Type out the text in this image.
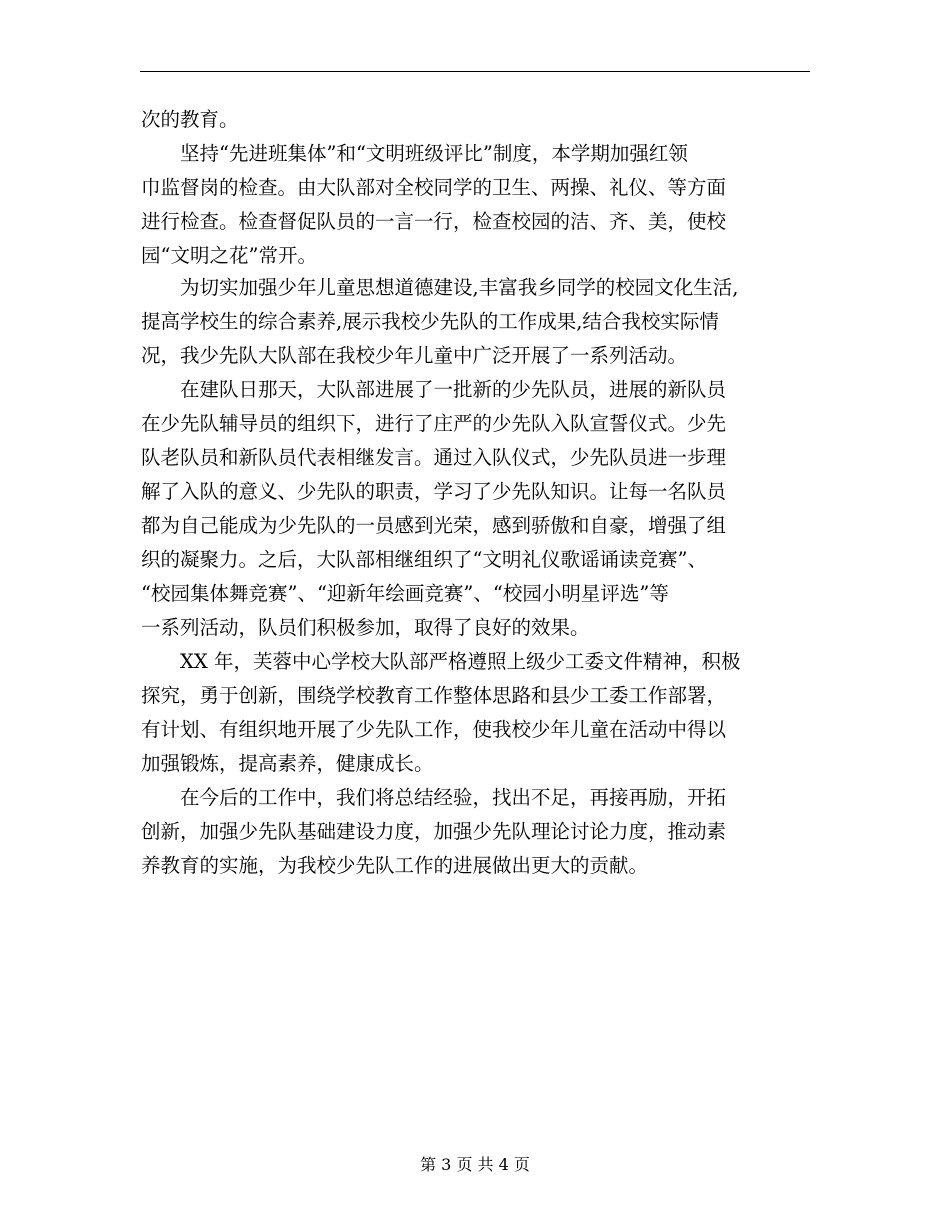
次的教育。
　　坚持“先进班集体”和“文明班级评比”制度，本学期加强红领
巾监督岗的检查。由大队部对全校同学的卫生、两操、礼仪、等方面
进行检查。检查督促队员的一言一行，检查校园的洁、齐、美，使校
园“文明之花”常开。
　　为切实加强少年儿童思想道德建设,丰富我乡同学的校园文化生活,
提高学校生的综合素养,展示我校少先队的工作成果,结合我校实际情
况，我少先队大队部在我校少年儿童中广泛开展了一系列活动。
　　在建队日那天，大队部进展了一批新的少先队员，进展的新队员
在少先队辅导员的组织下，进行了庄严的少先队入队宣誓仪式。少先
队老队员和新队员代表相继发言。通过入队仪式，少先队员进一步理
解了入队的意义、少先队的职责，学习了少先队知识。让每一名队员
都为自己能成为少先队的一员感到光荣，感到骄傲和自豪，增强了组
织的凝聚力。之后，大队部相继组织了“文明礼仪歌谣诵读竞赛”、
“校园集体舞竞赛”、“迎新年绘画竞赛”、“校园小明星评选”等
一系列活动，队员们积极参加，取得了良好的效果。
　　XX 年，芙蓉中心学校大队部严格遵照上级少工委文件精神，积极
探究，勇于创新，围绕学校教育工作整体思路和县少工委工作部署，
有计划、有组织地开展了少先队工作，使我校少年儿童在活动中得以
加强锻炼，提高素养，健康成长。
　　在今后的工作中，我们将总结经验，找出不足，再接再励，开拓
创新，加强少先队基础建设力度，加强少先队理论讨论力度，推动素
养教育的实施，为我校少先队工作的进展做出更大的贡献。
第 3 页 共 4 页
